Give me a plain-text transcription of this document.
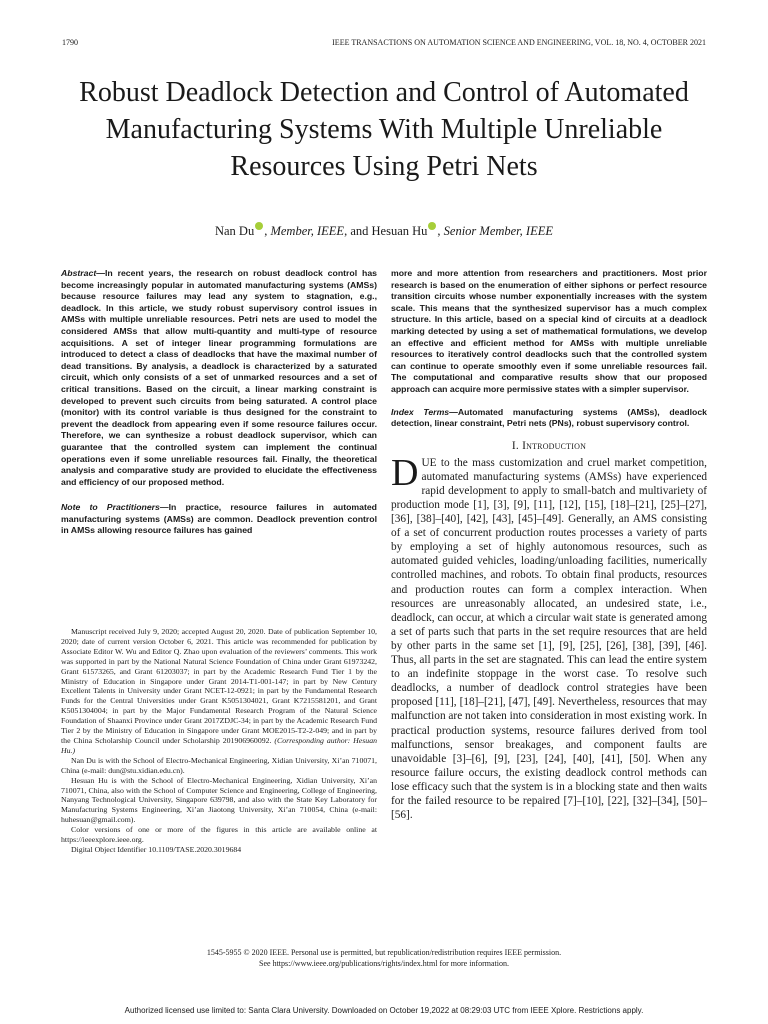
1790	IEEE TRANSACTIONS ON AUTOMATION SCIENCE AND ENGINEERING, VOL. 18, NO. 4, OCTOBER 2021
Robust Deadlock Detection and Control of Automated Manufacturing Systems With Multiple Unreliable Resources Using Petri Nets
Nan Du , Member, IEEE, and Hesuan Hu , Senior Member, IEEE

Abstract—In recent years, the research on robust deadlock control has become increasingly popular in automated manufacturing systems (AMSs) because resource failures may lead any system to stagnation, e.g., deadlock. In this article, we study robust supervisory control issues in AMSs with multiple unreliable resources. Petri nets are used to model the considered AMSs that allow multi-quantity and multi-type of resource acquisitions. A set of integer linear programming formulations are introduced to detect a class of deadlocks that have the maximal number of dead transitions. By analysis, a deadlock is characterized by a saturated circuit, which only consists of a set of unmarked resources and a set of critical transitions. Based on the circuit, a linear marking constraint is developed to prevent such circuits from being saturated. A control place (monitor) with its control variable is thus designed for the constraint to prevent the deadlock from appearing even if some resource failures occur. Therefore, we can synthesize a robust deadlock supervisor, which can guarantee that the controlled system can implement the continual operations even if some unreliable resources fail. Finally, the theoretical analysis and comparative study are provided to elucidate the effectiveness and efficiency of our proposed method.

Note to Practitioners—In practice, resource failures in automated manufacturing systems (AMSs) are common. Deadlock prevention control in AMSs allowing resource failures has gained

Manuscript received July 9, 2020; accepted August 20, 2020. Date of publication September 10, 2020; date of current version October 6, 2021. This article was recommended for publication by Associate Editor W. Wu and Editor Q. Zhao upon evaluation of the reviewers’ comments. This work was supported in part by the National Natural Science Foundation of China under Grant 61973242, Grant 61573265, and Grant 61203037; in part by the Academic Research Fund Tier 1 by the Ministry of Education in Singapore under Grant 2014-T1-001-147; in part by New Century Excellent Talents in University under Grant NCET-12-0921; in part by the Fundamental Research Funds for the Central Universities under Grant K5051304021, Grant K7215581201, and Grant K5051304004; in part by the Major Fundamental Research Program of the Natural Science Foundation of Shaanxi Province under Grant 2017ZDJC-34; in part by the Academic Research Fund Tier 2 by the Ministry of Education in Singapore under Grant MOE2015-T2-2-049; and in part by the China Scholarship Council under Scholarship 201906960092. (Corresponding author: Hesuan Hu.)

Nan Du is with the School of Electro-Mechanical Engineering, Xidian University, Xi’an 710071, China (e-mail: dun@stu.xidian.edu.cn).

Hesuan Hu is with the School of Electro-Mechanical Engineering, Xidian University, Xi’an 710071, China, also with the School of Computer Science and Engineering, College of Engineering, Nanyang Technological University, Singapore 639798, and also with the State Key Laboratory for Manufacturing Systems Engineering, Xi’an Jiaotong University, Xi’an 710054, China (e-mail: huhesuan@gmail.com).

Color versions of one or more of the figures in this article are available online at https://ieeexplore.ieee.org.

Digital Object Identifier 10.1109/TASE.2020.3019684

more and more attention from researchers and practitioners. Most prior research is based on the enumeration of either siphons or perfect resource transition circuits whose number exponentially increases with the system scale. This means that the synthesized supervisor has a much complex structure. In this article, based on a special kind of circuits at a deadlock marking detected by using a set of mathematical formulations, we develop an effective and efficient method for AMSs with multiple unreliable resources to iteratively control deadlocks such that the controlled system can continue to operate smoothly even if some unreliable resources fail. The computational and comparative results show that our proposed approach can acquire more permissive states with a simpler supervisor.

Index Terms—Automated manufacturing systems (AMSs), deadlock detection, linear constraint, Petri nets (PNs), robust supervisory control.

I. Introduction

DUE to the mass customization and cruel market competition, automated manufacturing systems (AMSs) have experienced rapid development to apply to small-batch and multivariety of production mode [1], [3], [9], [11], [12], [15], [18]–[21], [25]–[27], [36], [38]–[40], [42], [43], [45]–[49]. Generally, an AMS consisting of a set of concurrent production routes processes a variety of parts by employing a set of highly autonomous resources, such as automated guided vehicles, loading/unloading facilities, numerically controlled machines, and robots. To obtain final products, resources and production routes can form a complex interaction. When resources are unreasonably allocated, an undesired state, i.e., deadlock, can occur, at which a circular wait state is generated among a set of parts such that parts in the set require resources that are held by other parts in the same set [1], [9], [25], [26], [38], [39], [46]. Thus, all parts in the set are stagnated. This can lead the entire system to an indefinite stoppage in the worst case. To resolve such deadlocks, a number of deadlock control strategies have been proposed [11], [18]–[21], [47], [49]. Nevertheless, resources that may malfunction are not taken into consideration in most existing work. In practical production systems, resource failures derived from tool malfunctions, sensor breakages, and component faults are unavoidable [3]–[6], [9], [23], [24], [40], [41], [50]. When any resource failure occurs, the existing deadlock control methods can lose efficacy such that the system is in a blocking state and then waits for the failed resource to be repaired [7]–[10], [22], [32]–[34], [50]–[56].

1545-5955 © 2020 IEEE. Personal use is permitted, but republication/redistribution requires IEEE permission.
See https://www.ieee.org/publications/rights/index.html for more information.
Authorized licensed use limited to: Santa Clara University. Downloaded on October 19,2022 at 08:29:03 UTC from IEEE Xplore. Restrictions apply.
